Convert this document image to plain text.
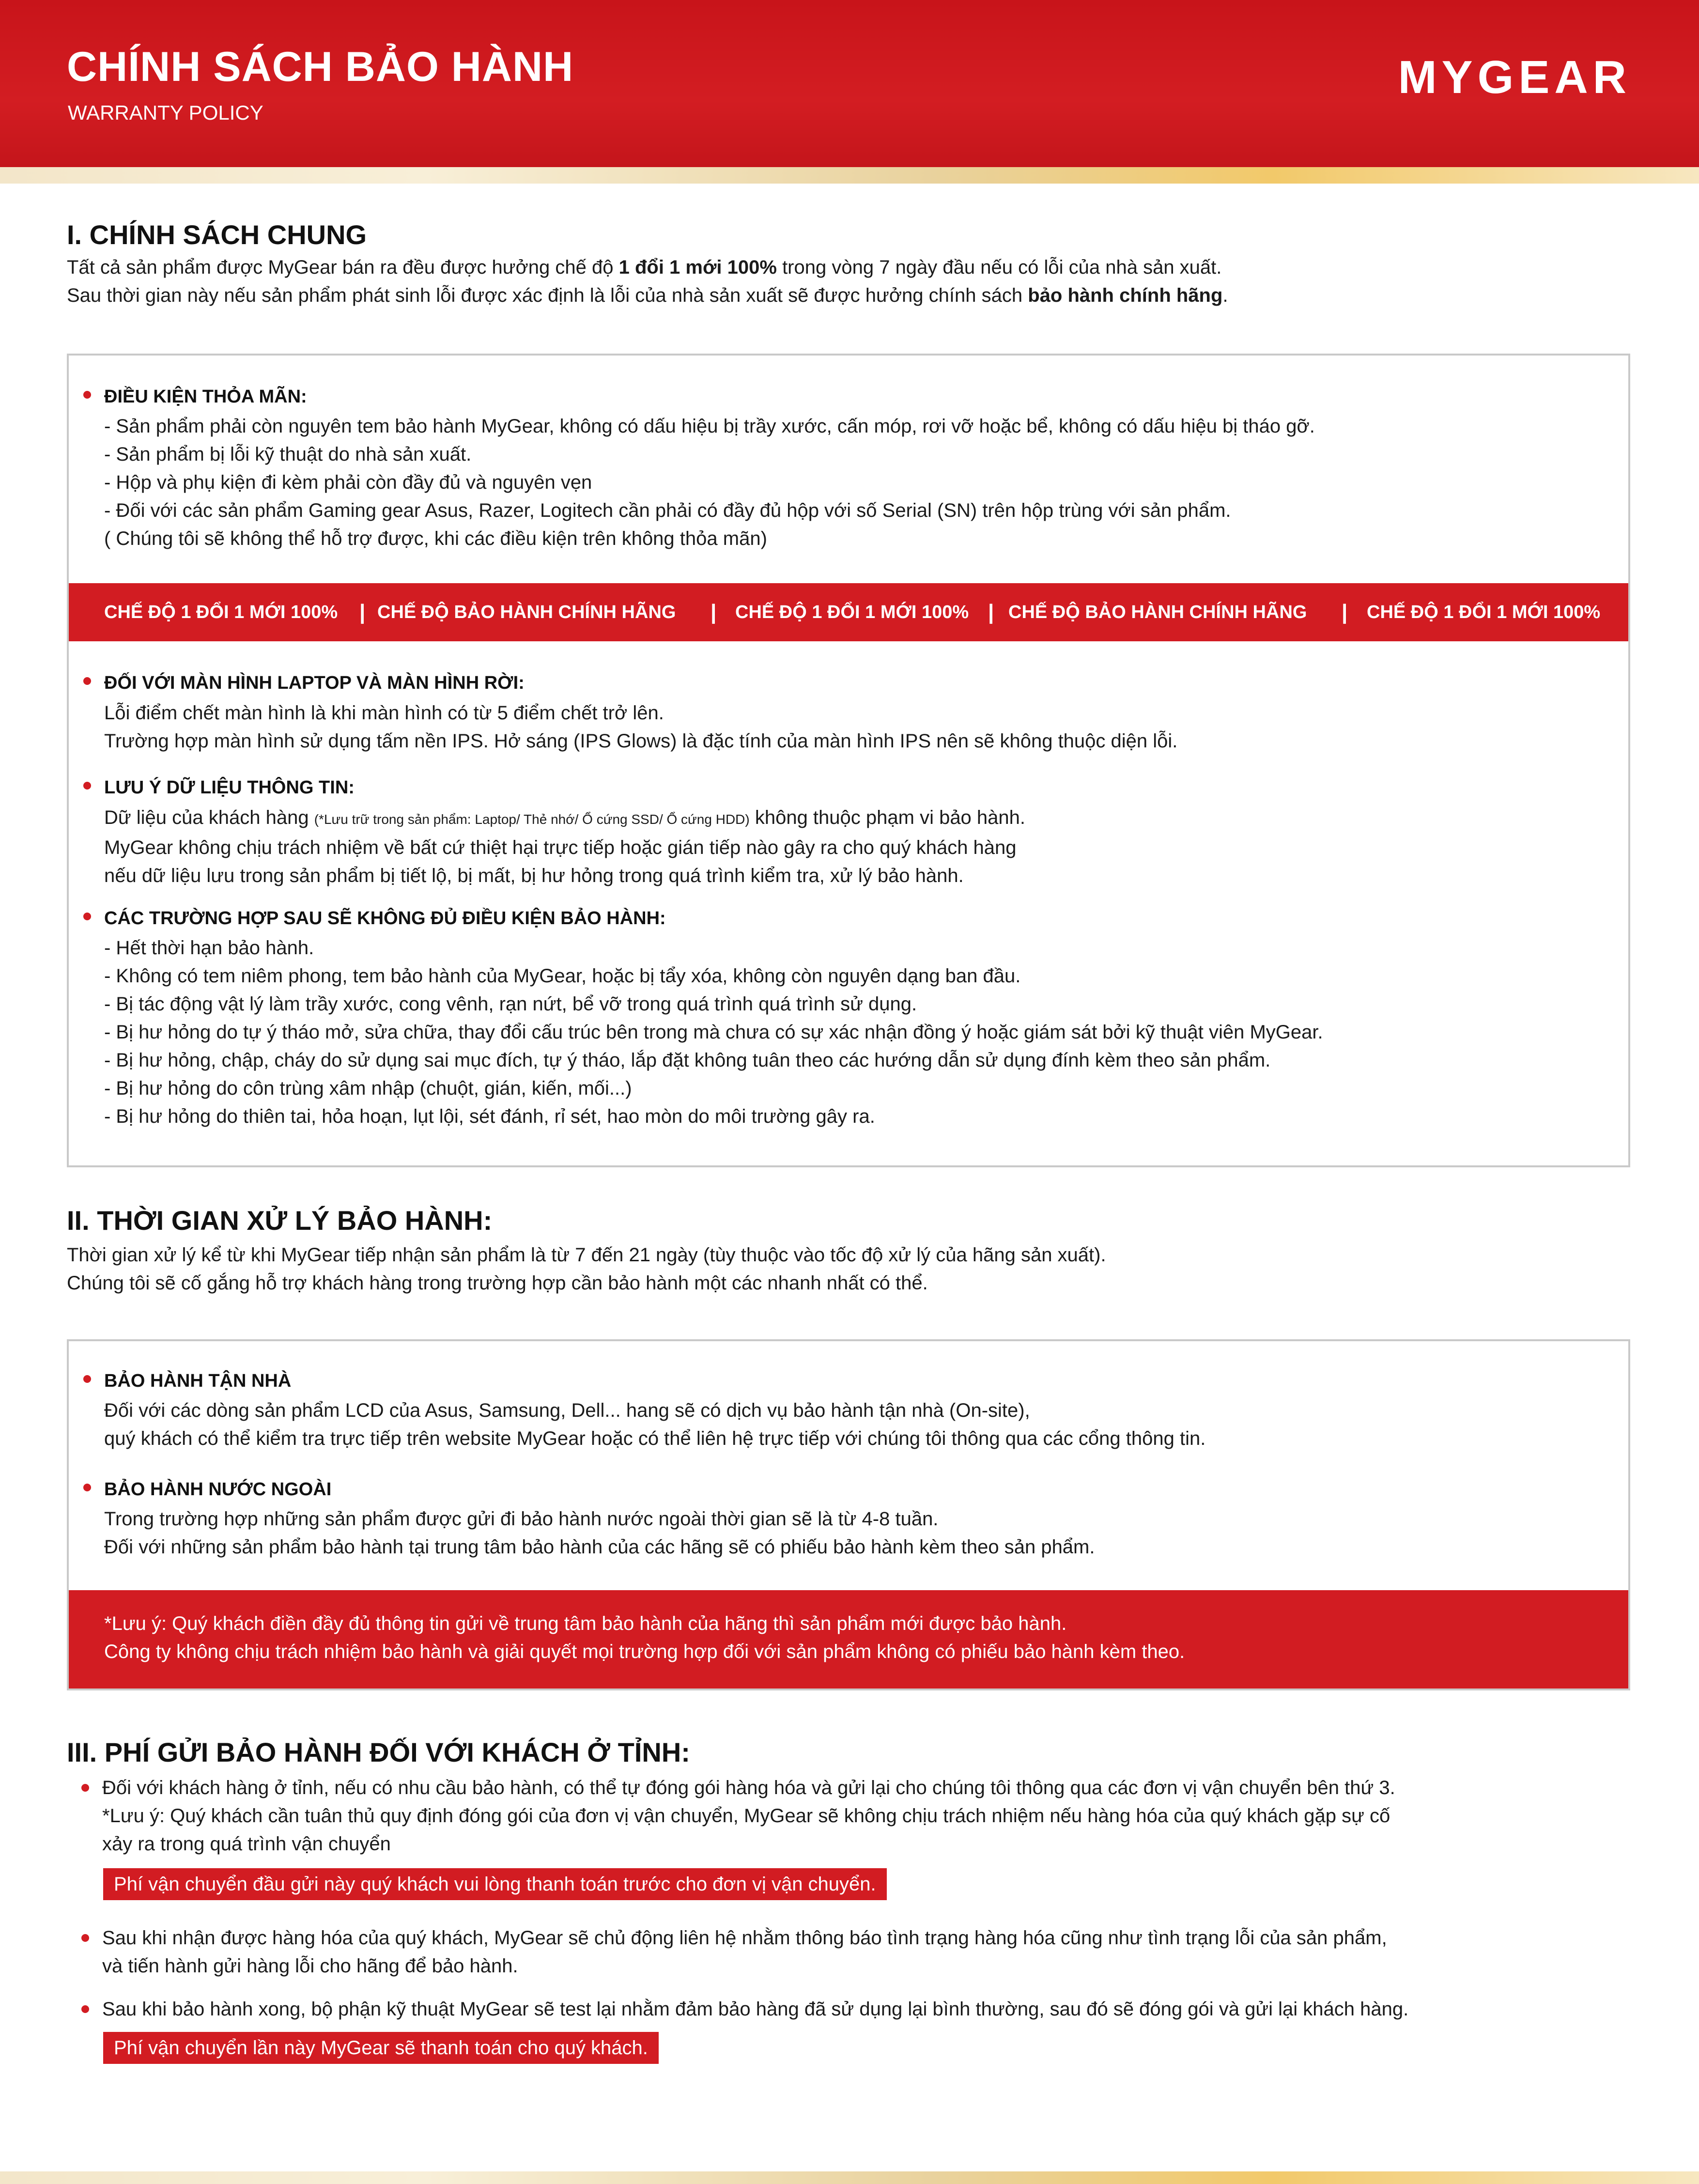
CHÍNH SÁCH BẢO HÀNH

WARRANTY POLICY

MYGEAR
I. CHÍNH SÁCH CHUNG

Tất cả sản phẩm được MyGear bán ra đều được hưởng chế độ 1 đổi 1 mới 100% trong vòng 7 ngày đầu nếu có lỗi của nhà sản xuất.

Sau thời gian này nếu sản phẩm phát sinh lỗi được xác định là lỗi của nhà sản xuất sẽ được hưởng chính sách bảo hành chính hãng.

ĐIỀU KIỆN THỎA MÃN:

- Sản phẩm phải còn nguyên tem bảo hành MyGear, không có dấu hiệu bị trầy xước, cấn móp, rơi vỡ hoặc bể, không có dấu hiệu bị tháo gỡ.

- Sản phẩm bị lỗi kỹ thuật do nhà sản xuất.

- Hộp và phụ kiện đi kèm phải còn đầy đủ và nguyên vẹn

- Đối với các sản phẩm Gaming gear Asus, Razer, Logitech cần phải có đầy đủ hộp với số Serial (SN) trên hộp trùng với sản phẩm.

( Chúng tôi sẽ không thể hỗ trợ được, khi các điều kiện trên không thỏa mãn)

CHẾ ĐỘ 1 ĐỔI 1 MỚI 100% | CHẾ ĐỘ BẢO HÀNH CHÍNH HÃNG | CHẾ ĐỘ 1 ĐỔI 1 MỚI 100% | CHẾ ĐỘ BẢO HÀNH CHÍNH HÃNG | CHẾ ĐỘ 1 ĐỔI 1 MỚI 100%
ĐỐI VỚI MÀN HÌNH LAPTOP VÀ MÀN HÌNH RỜI:

Lỗi điểm chết màn hình là khi màn hình có từ 5 điểm chết trở lên.

Trường hợp màn hình sử dụng tấm nền IPS. Hở sáng (IPS Glows) là đặc tính của màn hình IPS nên sẽ không thuộc diện lỗi.

LƯU Ý DỮ LIỆU THÔNG TIN:

Dữ liệu của khách hàng (*Lưu trữ trong sản phẩm: Laptop/ Thẻ nhớ/ Ổ cứng SSD/ Ổ cứng HDD) không thuộc phạm vi bảo hành.

MyGear không chịu trách nhiệm về bất cứ thiệt hại trực tiếp hoặc gián tiếp nào gây ra cho quý khách hàng

nếu dữ liệu lưu trong sản phẩm bị tiết lộ, bị mất, bị hư hỏng trong quá trình kiểm tra, xử lý bảo hành.

CÁC TRƯỜNG HỢP SAU SẼ KHÔNG ĐỦ ĐIỀU KIỆN BẢO HÀNH:

- Hết thời hạn bảo hành.

- Không có tem niêm phong, tem bảo hành của MyGear, hoặc bị tẩy xóa, không còn nguyên dạng ban đầu.

- Bị tác động vật lý làm trầy xước, cong vênh, rạn nứt, bể vỡ trong quá trình quá trình sử dụng.

- Bị hư hỏng do tự ý tháo mở, sửa chữa, thay đổi cấu trúc bên trong mà chưa có sự xác nhận đồng ý hoặc giám sát bởi kỹ thuật viên MyGear.

- Bị hư hỏng, chập, cháy do sử dụng sai mục đích, tự ý tháo, lắp đặt không tuân theo các hướng dẫn sử dụng đính kèm theo sản phẩm.

- Bị hư hỏng do côn trùng xâm nhập (chuột, gián, kiến, mối...)

- Bị hư hỏng do thiên tai, hỏa hoạn, lụt lội, sét đánh, rỉ sét, hao mòn do môi trường gây ra.

II. THỜI GIAN XỬ LÝ BẢO HÀNH:

Thời gian xử lý kể từ khi MyGear tiếp nhận sản phẩm là từ 7 đến 21 ngày (tùy thuộc vào tốc độ xử lý của hãng sản xuất).

Chúng tôi sẽ cố gắng hỗ trợ khách hàng trong trường hợp cần bảo hành một các nhanh nhất có thể.

BẢO HÀNH TẬN NHÀ

Đối với các dòng sản phẩm LCD của Asus, Samsung, Dell... hang sẽ có dịch vụ bảo hành tận nhà (On-site),

quý khách có thể kiểm tra trực tiếp trên website MyGear hoặc có thể liên hệ trực tiếp với chúng tôi thông qua các cổng thông tin.

BẢO HÀNH NƯỚC NGOÀI

Trong trường hợp những sản phẩm được gửi đi bảo hành nước ngoài thời gian sẽ là từ 4-8 tuần.

Đối với những sản phẩm bảo hành tại trung tâm bảo hành của các hãng sẽ có phiếu bảo hành kèm theo sản phẩm.

*Lưu ý: Quý khách điền đầy đủ thông tin gửi về trung tâm bảo hành của hãng thì sản phẩm mới được bảo hành.

Công ty không chịu trách nhiệm bảo hành và giải quyết mọi trường hợp đối với sản phẩm không có phiếu bảo hành kèm theo.

III. PHÍ GỬI BẢO HÀNH ĐỐI VỚI KHÁCH Ở TỈNH:

Đối với khách hàng ở tỉnh, nếu có nhu cầu bảo hành, có thể tự đóng gói hàng hóa và gửi lại cho chúng tôi thông qua các đơn vị vận chuyển bên thứ 3.

*Lưu ý: Quý khách cần tuân thủ quy định đóng gói của đơn vị vận chuyển, MyGear sẽ không chịu trách nhiệm nếu hàng hóa của quý khách gặp sự cố

xảy ra trong quá trình vận chuyển

Phí vận chuyển đầu gửi này quý khách vui lòng thanh toán trước cho đơn vị vận chuyển.

Sau khi nhận được hàng hóa của quý khách, MyGear sẽ chủ động liên hệ nhằm thông báo tình trạng hàng hóa cũng như tình trạng lỗi của sản phẩm,

và tiến hành gửi hàng lỗi cho hãng để bảo hành.

Sau khi bảo hành xong, bộ phận kỹ thuật MyGear sẽ test lại nhằm đảm bảo hàng đã sử dụng lại bình thường, sau đó sẽ đóng gói và gửi lại khách hàng.

Phí vận chuyển lần này MyGear sẽ thanh toán cho quý khách.
